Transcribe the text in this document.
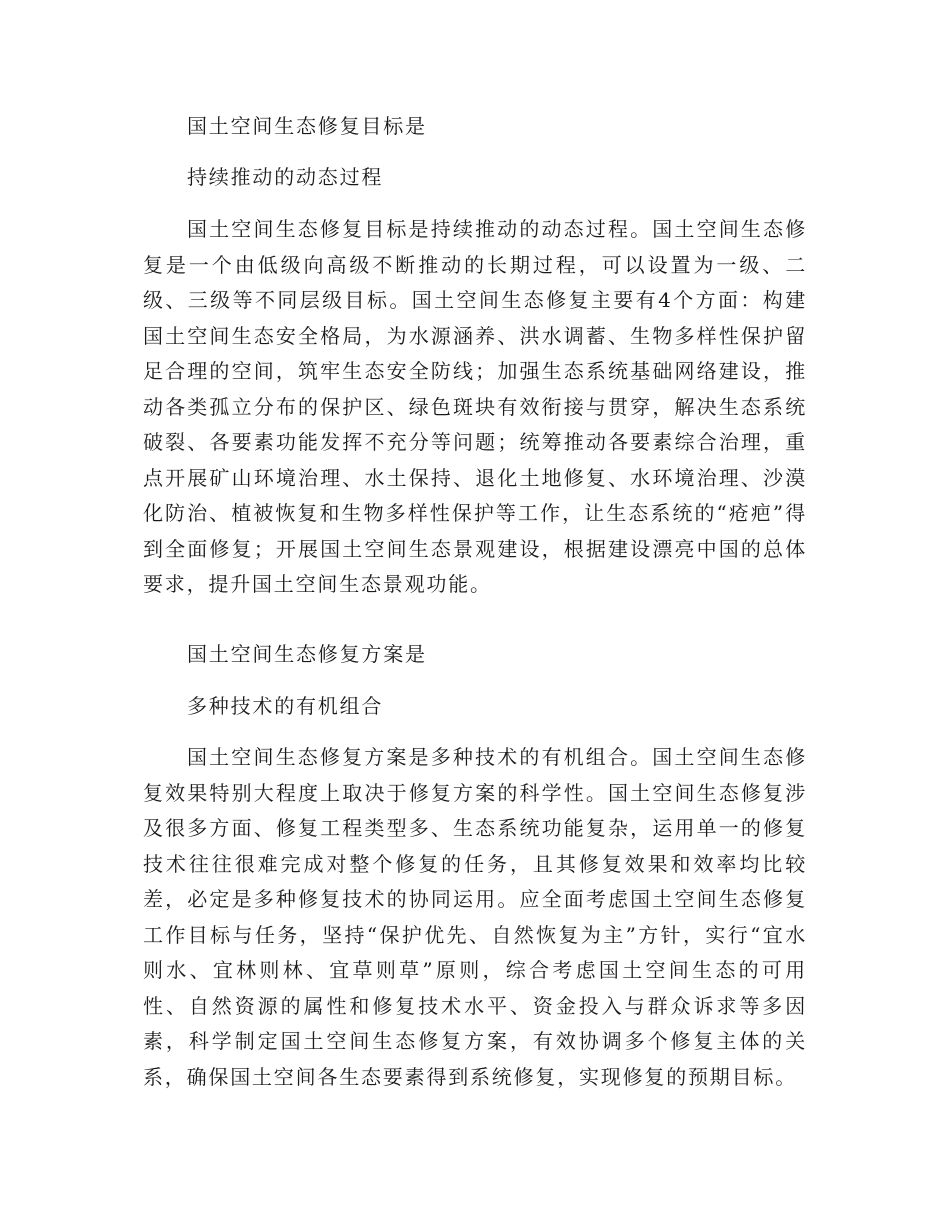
国土空间生态修复目标是

持续推动的动态过程

国土空间生态修复目标是持续推动的动态过程。国土空间生态修复是一个由低级向高级不断推动的长期过程，可以设置为一级、二级、三级等不同层级目标。国土空间生态修复主要有4个方面：构建国土空间生态安全格局，为水源涵养、洪水调蓄、生物多样性保护留足合理的空间，筑牢生态安全防线；加强生态系统基础网络建设，推动各类孤立分布的保护区、绿色斑块有效衔接与贯穿，解决生态系统破裂、各要素功能发挥不充分等问题；统筹推动各要素综合治理，重点开展矿山环境治理、水土保持、退化土地修复、水环境治理、沙漠化防治、植被恢复和生物多样性保护等工作，让生态系统的“疮疤”得到全面修复；开展国土空间生态景观建设，根据建设漂亮中国的总体要求，提升国土空间生态景观功能。

国土空间生态修复方案是

多种技术的有机组合

国土空间生态修复方案是多种技术的有机组合。国土空间生态修复效果特别大程度上取决于修复方案的科学性。国土空间生态修复涉及很多方面、修复工程类型多、生态系统功能复杂，运用单一的修复技术往往很难完成对整个修复的任务，且其修复效果和效率均比较差，必定是多种修复技术的协同运用。应全面考虑国土空间生态修复工作目标与任务，坚持“保护优先、自然恢复为主”方针，实行“宜水则水、宜林则林、宜草则草”原则，综合考虑国土空间生态的可用性、自然资源的属性和修复技术水平、资金投入与群众诉求等多因素，科学制定国土空间生态修复方案，有效协调多个修复主体的关系，确保国土空间各生态要素得到系统修复，实现修复的预期目标。
